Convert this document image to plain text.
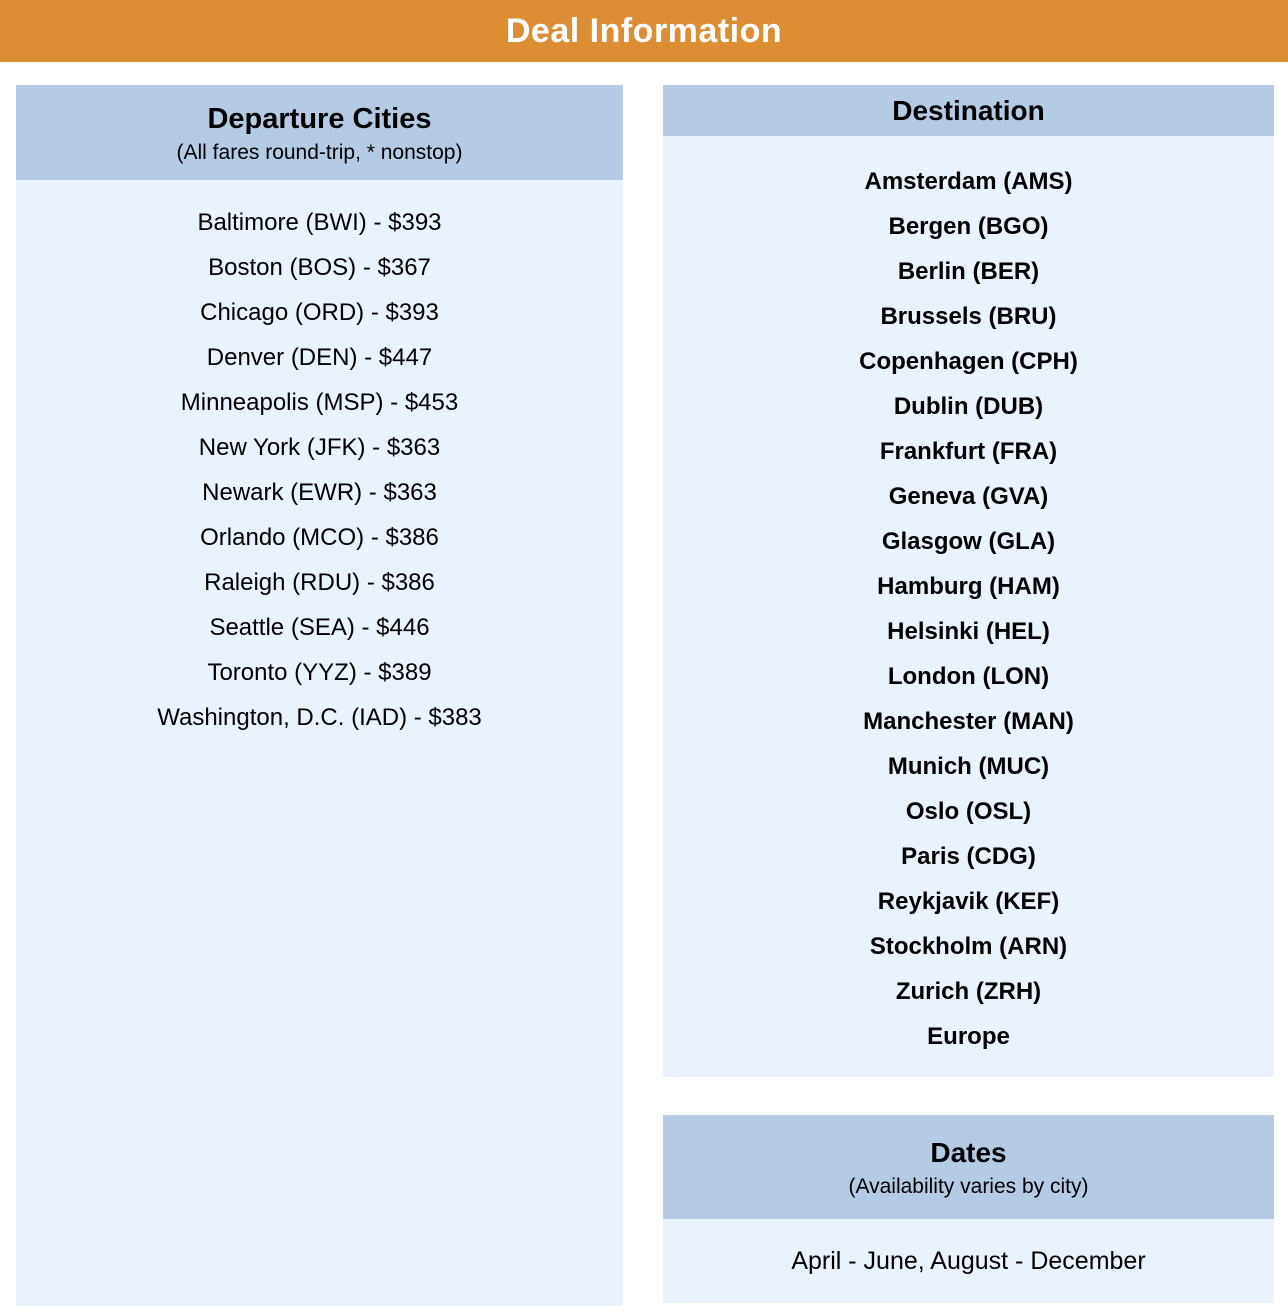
Deal Information
Departure Cities
(All fares round-trip, * nonstop)
Baltimore (BWI) - $393
Boston (BOS) - $367
Chicago (ORD) - $393
Denver (DEN) - $447
Minneapolis (MSP) - $453
New York (JFK) - $363
Newark (EWR) - $363
Orlando (MCO) - $386
Raleigh (RDU) - $386
Seattle (SEA) - $446
Toronto (YYZ) - $389
Washington, D.C. (IAD) - $383
Destination
Amsterdam (AMS)
Bergen (BGO)
Berlin (BER)
Brussels (BRU)
Copenhagen (CPH)
Dublin (DUB)
Frankfurt (FRA)
Geneva (GVA)
Glasgow (GLA)
Hamburg (HAM)
Helsinki (HEL)
London (LON)
Manchester (MAN)
Munich (MUC)
Oslo (OSL)
Paris (CDG)
Reykjavik (KEF)
Stockholm (ARN)
Zurich (ZRH)
Europe
Dates
(Availability varies by city)
April - June, August - December
